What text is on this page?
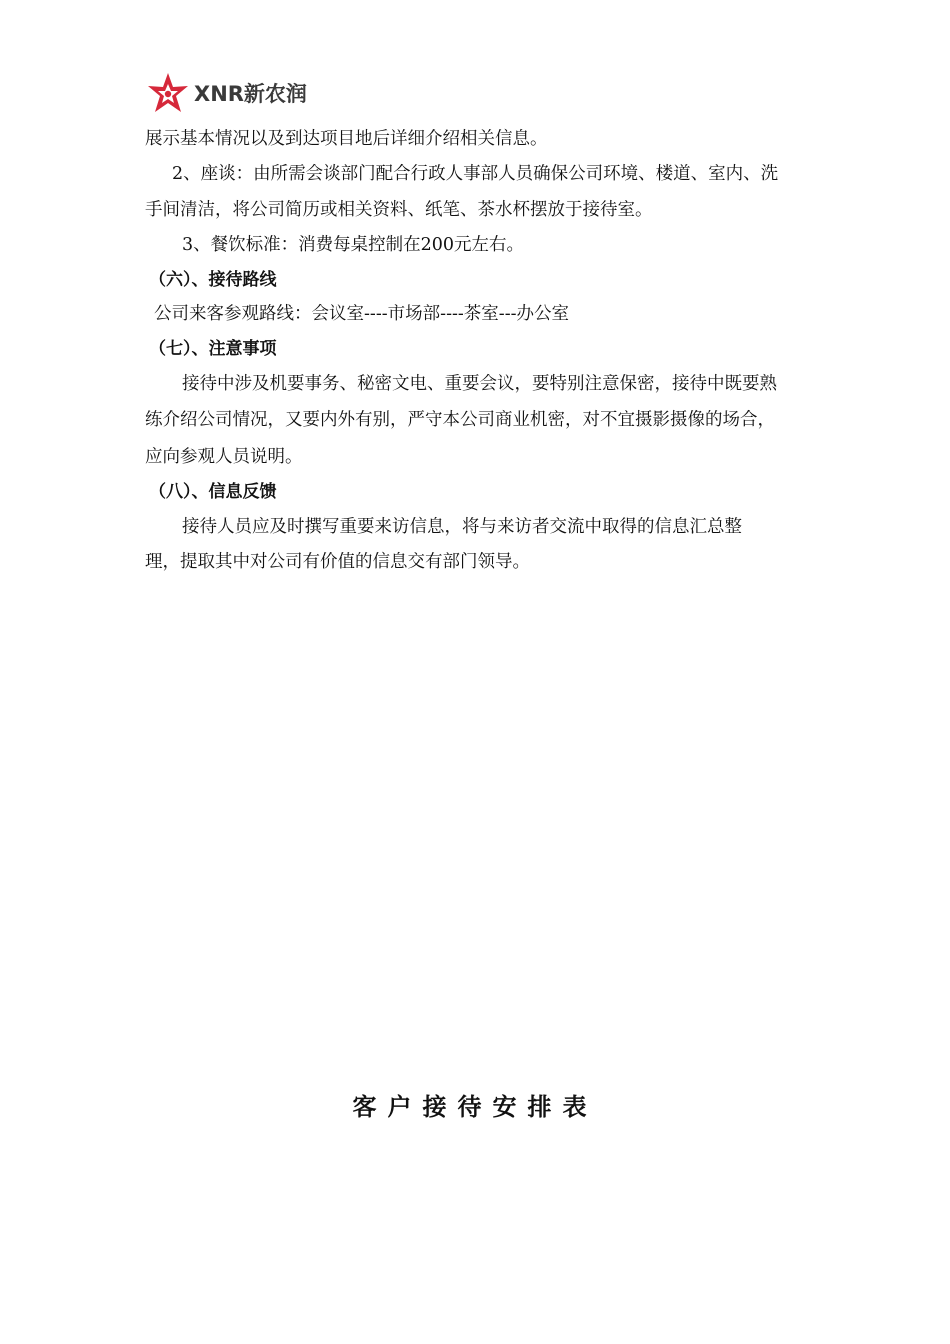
XNR新农润
展示基本情况以及到达项目地后详细介绍相关信息。
2、座谈：由所需会谈部门配合行政人事部人员确保公司环境、楼道、室内、洗
手间清洁，将公司简历或相关资料、纸笔、茶水杯摆放于接待室。
3、餐饮标准：消费每桌控制在200元左右。
（六）、接待路线
公司来客参观路线：会议室----市场部----茶室---办公室
（七）、注意事项
接待中涉及机要事务、秘密文电、重要会议，要特别注意保密，接待中既要熟
练介绍公司情况，又要内外有别，严守本公司商业机密，对不宜摄影摄像的场合，
应向参观人员说明。
（八）、信息反馈
接待人员应及时撰写重要来访信息，将与来访者交流中取得的信息汇总整
理，提取其中对公司有价值的信息交有部门领导。
客户接待安排表
